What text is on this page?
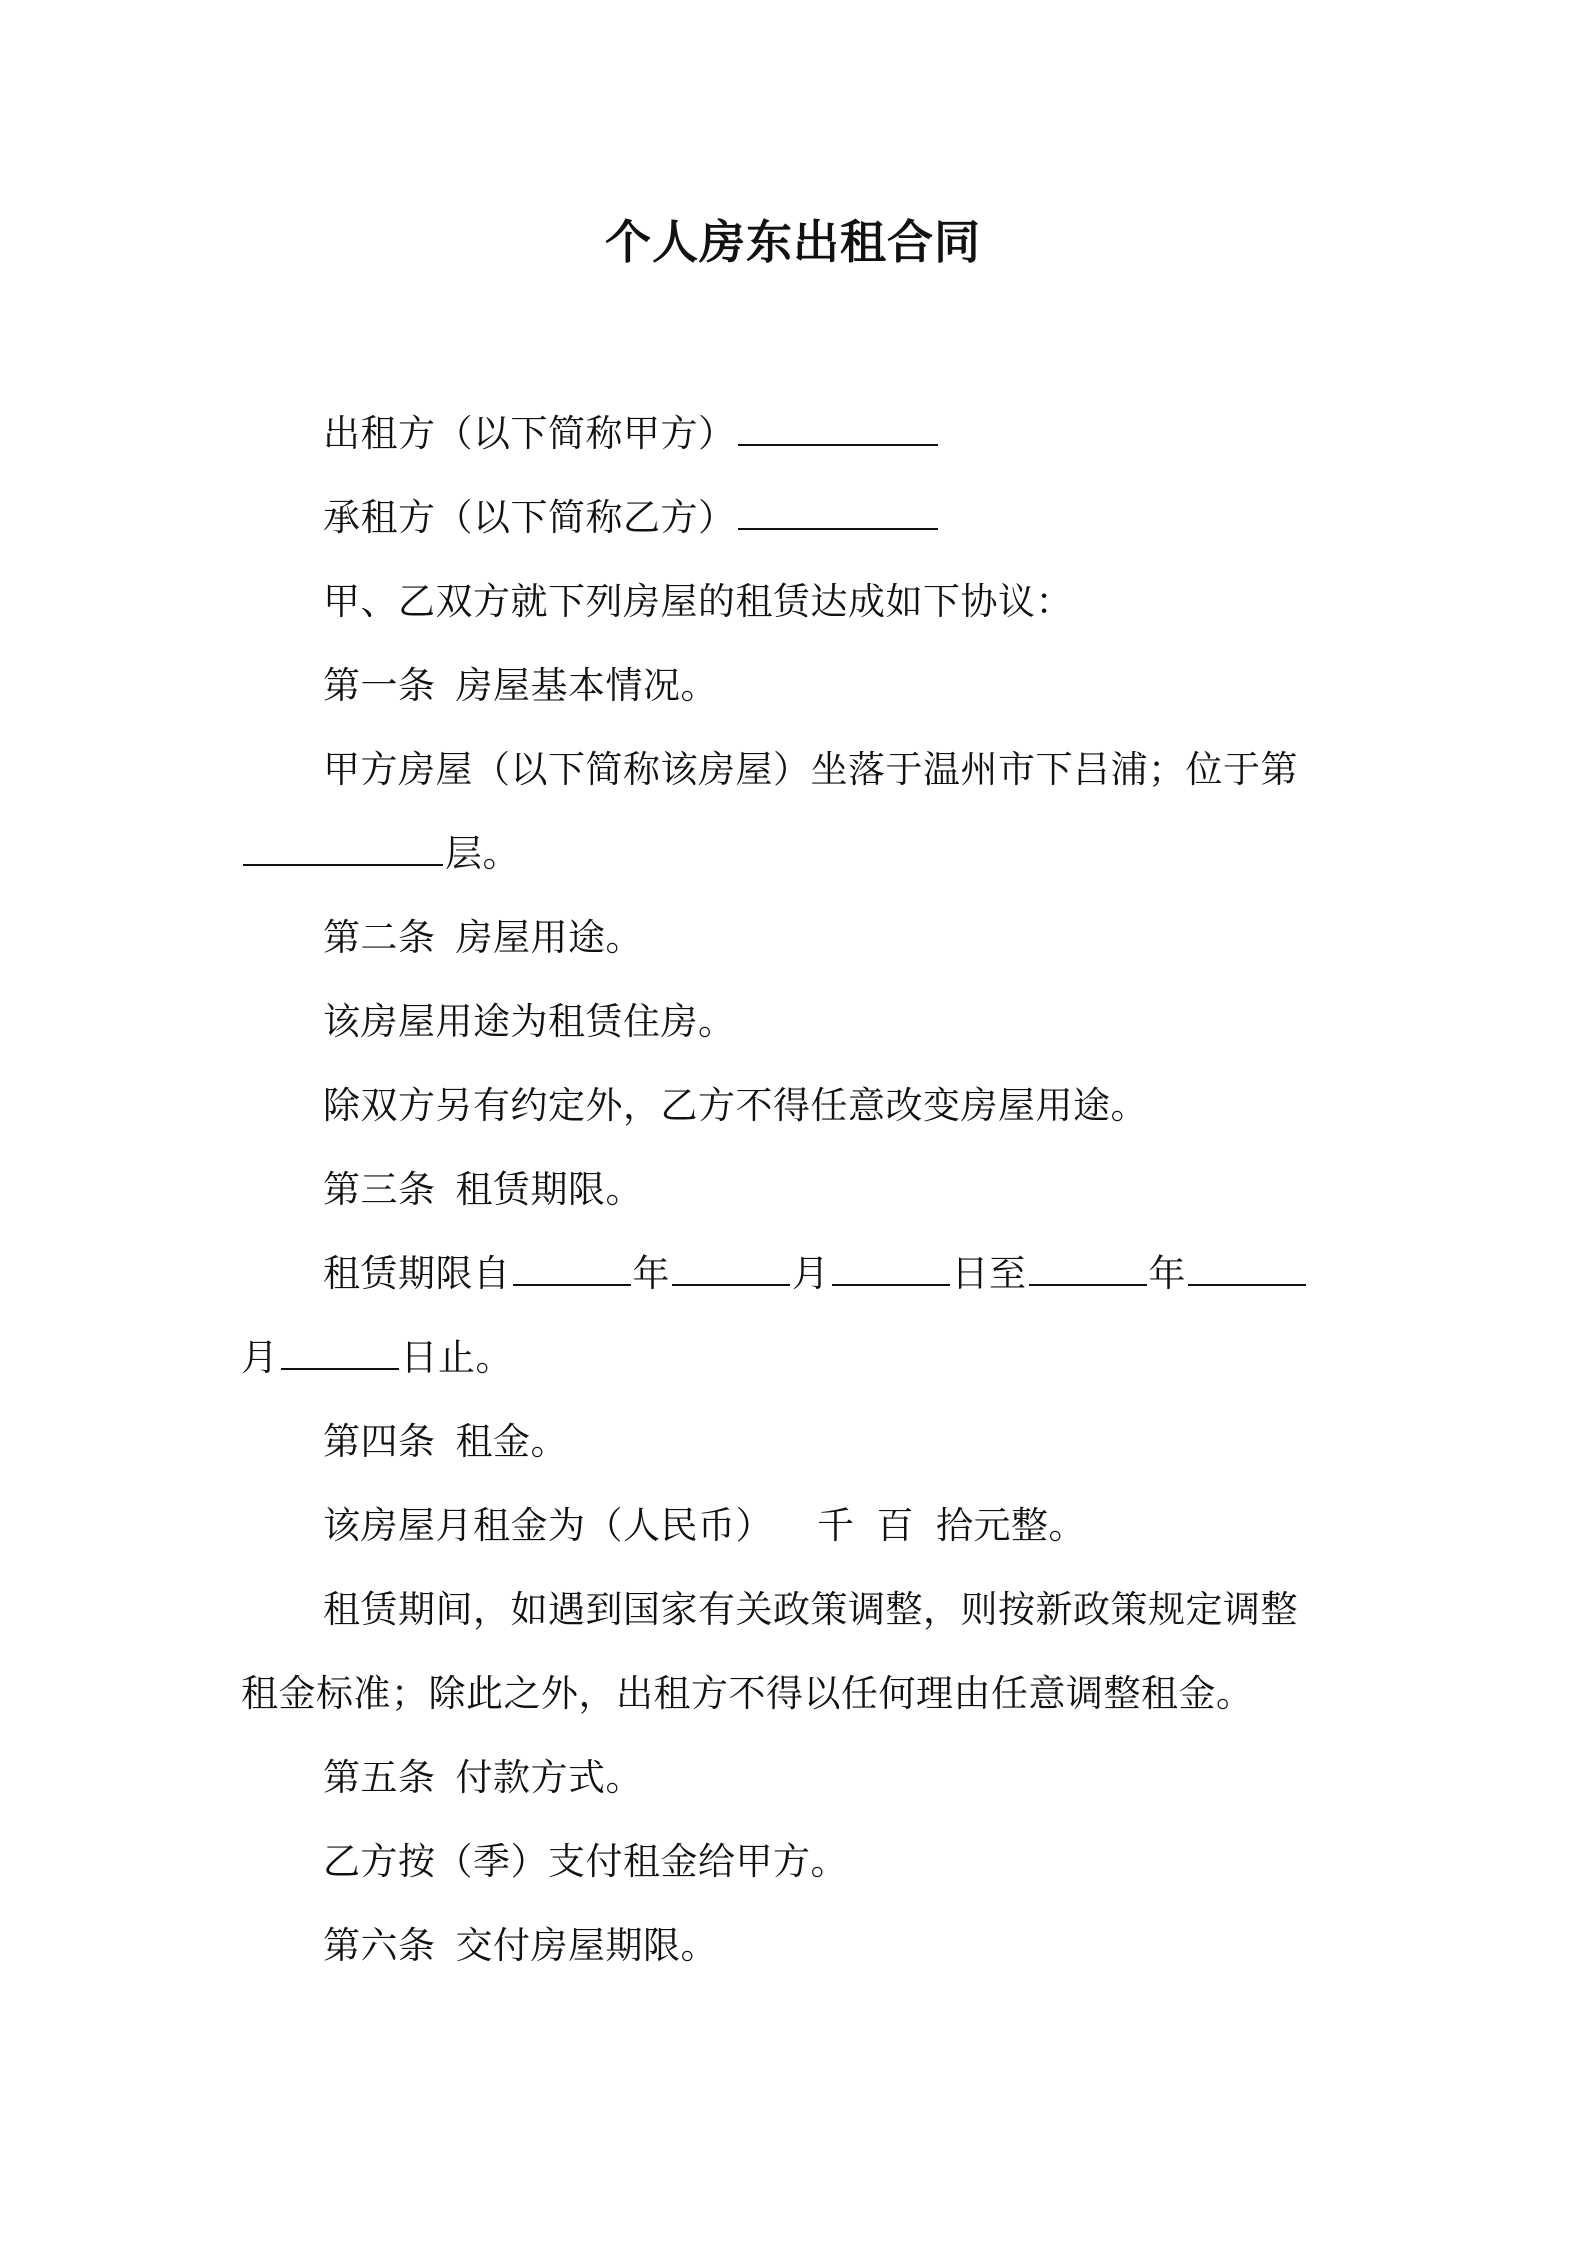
个人房东出租合同
出租方（以下简称甲方）
承租方（以下简称乙方）
甲、乙双方就下列房屋的租赁达成如下协议：
第一条 房屋基本情况。
甲方房屋（以下简称该房屋）坐落于温州市下吕浦；位于第
层。
第二条 房屋用途。
该房屋用途为租赁住房。
除双方另有约定外，乙方不得任意改变房屋用途。
第三条 租赁期限。
租赁期限自	年	月	日至	年
月	日止。
第四条 租金。
该房屋月租金为（人民币） 千 百 拾元整。
租赁期间，如遇到国家有关政策调整，则按新政策规定调整
租金标准；除此之外，出租方不得以任何理由任意调整租金。
第五条 付款方式。
乙方按（季）支付租金给甲方。
第六条 交付房屋期限。
